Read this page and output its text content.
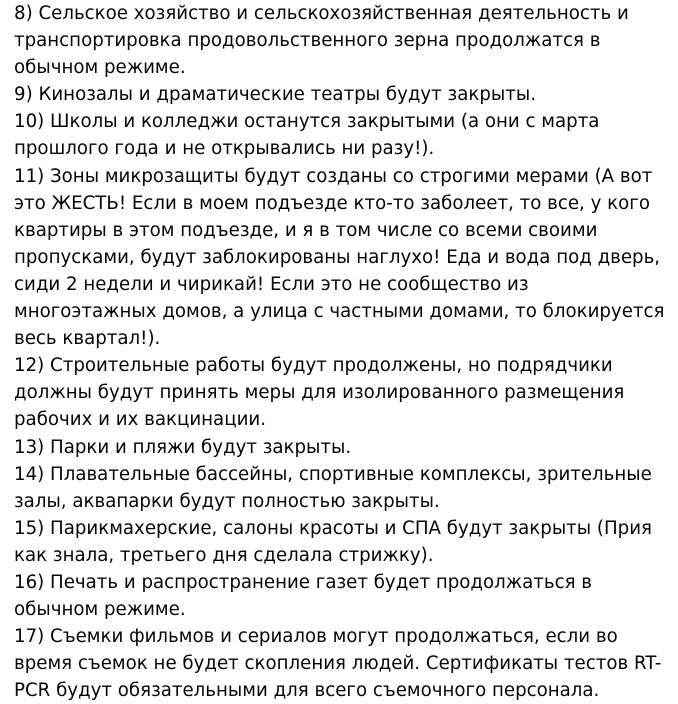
8) Сельское хозяйство и сельскохозяйственная деятельность и
транспортировка продовольственного зерна продолжатся в
обычном режиме.
9) Кинозалы и драматические театры будут закрыты.
10) Школы и колледжи останутся закрытыми (а они с марта
прошлого года и не открывались ни разу!).
11) Зоны микрозащиты будут созданы со строгими мерами (А вот
это ЖЕСТЬ! Если в моем подъезде кто-то заболеет, то все, у кого
квартиры в этом подъезде, и я в том числе со всеми своими
пропусками, будут заблокированы наглухо! Еда и вода под дверь,
сиди 2 недели и чирикай! Если это не сообщество из
многоэтажных домов, а улица с частными домами, то блокируется
весь квартал!).
12) Строительные работы будут продолжены, но подрядчики
должны будут принять меры для изолированного размещения
рабочих и их вакцинации.
13) Парки и пляжи будут закрыты.
14) Плавательные бассейны, спортивные комплексы, зрительные
залы, аквапарки будут полностью закрыты.
15) Парикмахерские, салоны красоты и СПА будут закрыты (Прия
как знала, третьего дня сделала стрижку).
16) Печать и распространение газет будет продолжаться в
обычном режиме.
17) Съемки фильмов и сериалов могут продолжаться, если во
время съемок не будет скопления людей. Сертификаты тестов RT-
PCR будут обязательными для всего съемочного персонала.
